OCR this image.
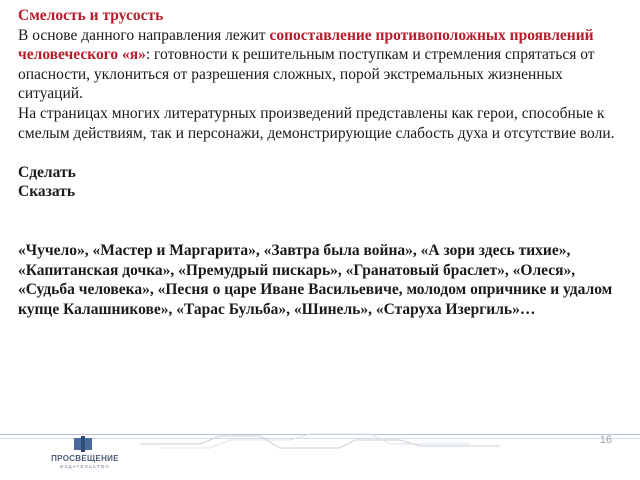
Смелость и трусость
В основе данного направления лежит сопоставление противоположных проявлений человеческого «я»: готовности к решительным поступкам и стремления спрятаться от опасности, уклониться от разрешения сложных, порой экстремальных жизненных ситуаций.
На страницах многих литературных произведений представлены как герои, способные к смелым действиям, так и персонажи, демонстрирующие слабость духа и отсутствие воли.
Сделать
Сказать
«Чучело», «Мастер и Маргарита», «Завтра была война», «А зори здесь тихие», «Капитанская дочка», «Премудрый пискарь», «Гранатовый браслет», «Олеся», «Судьба человека», «Песня о царе Иване Васильевиче, молодом опричнике и удалом купце Калашникове», «Тарас Бульба», «Шинель», «Старуха Изергиль»…
ПРОСВЕЩЕНИЕ
ИЗДАТЕЛЬСТВО
16
